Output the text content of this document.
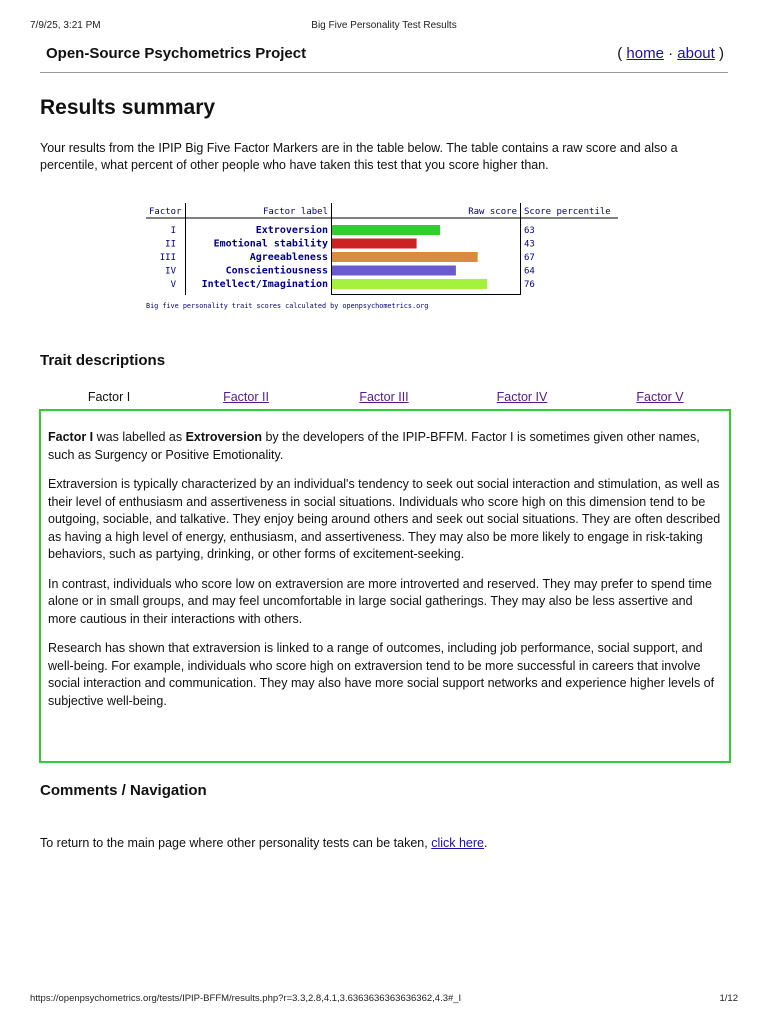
7/9/25, 3:21 PM	Big Five Personality Test Results
Open-Source Psychometrics Project	( home · about )
Results summary

Your results from the IPIP Big Five Factor Markers are in the table below. The table contains a raw score and also a percentile, what percent of other people who have taken this test that you score higher than.

Factor	Factor label	Raw score Score percentile
I	Extroversion	63
II	Emotional stability	43
III	Agreeableness	67
IV	Conscientiousness	64
V	Intellect/Imagination	76
Big five personality trait scores calculated by openpsychometrics.org
Trait descriptions
Factor I	Factor II	Factor III	Factor IV	Factor V

Factor I was labelled as Extroversion by the developers of the IPIP-BFFM. Factor I is sometimes given other names, such as Surgency or Positive Emotionality.

Extraversion is typically characterized by an individual's tendency to seek out social interaction and stimulation, as well as their level of enthusiasm and assertiveness in social situations. Individuals who score high on this dimension tend to be outgoing, sociable, and talkative. They enjoy being around others and seek out social situations. They are often described as having a high level of energy, enthusiasm, and assertiveness. They may also be more likely to engage in risk-taking behaviors, such as partying, drinking, or other forms of excitement-seeking.

In contrast, individuals who score low on extraversion are more introverted and reserved. They may prefer to spend time alone or in small groups, and may feel uncomfortable in large social gatherings. They may also be less assertive and more cautious in their interactions with others.

Research has shown that extraversion is linked to a range of outcomes, including job performance, social support, and well-being. For example, individuals who score high on extraversion tend to be more successful in careers that involve social interaction and communication. They may also have more social support networks and experience higher levels of subjective well-being.

Comments / Navigation

To return to the main page where other personality tests can be taken, click here.

https://openpsychometrics.org/tests/IPIP-BFFM/results.php?r=3.3,2.8,4.1,3.6363636363636362,4.3#_I	1/12
